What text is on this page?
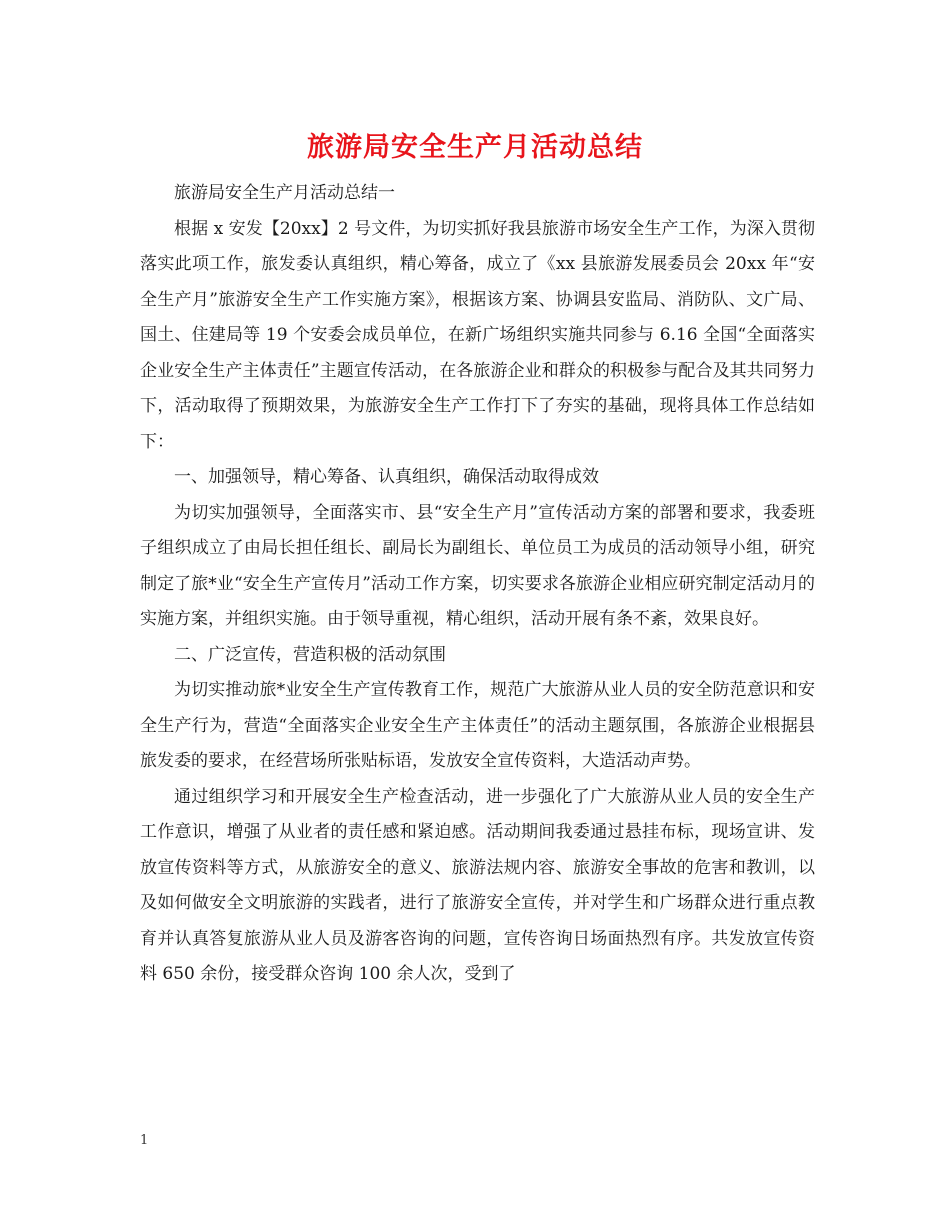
旅游局安全生产月活动总结

旅游局安全生产月活动总结一

根据 x 安发【20xx】2 号文件，为切实抓好我县旅游市场安全生产工作，为深入贯彻落实此项工作，旅发委认真组织，精心筹备，成立了《xx 县旅游发展委员会 20xx 年“安全生产月”旅游安全生产工作实施方案》，根据该方案、协调县安监局、消防队、文广局、国土、住建局等 19 个安委会成员单位，在新广场组织实施共同参与 6.16 全国“全面落实企业安全生产主体责任”主题宣传活动，在各旅游企业和群众的积极参与配合及其共同努力下，活动取得了预期效果，为旅游安全生产工作打下了夯实的基础，现将具体工作总结如下：

一、加强领导，精心筹备、认真组织，确保活动取得成效

为切实加强领导，全面落实市、县“安全生产月”宣传活动方案的部署和要求，我委班子组织成立了由局长担任组长、副局长为副组长、单位员工为成员的活动领导小组，研究制定了旅*业“安全生产宣传月”活动工作方案，切实要求各旅游企业相应研究制定活动月的实施方案，并组织实施。由于领导重视，精心组织，活动开展有条不紊，效果良好。

二、广泛宣传，营造积极的活动氛围

为切实推动旅*业安全生产宣传教育工作，规范广大旅游从业人员的安全防范意识和安全生产行为，营造“全面落实企业安全生产主体责任”的活动主题氛围，各旅游企业根据县旅发委的要求，在经营场所张贴标语，发放安全宣传资料，大造活动声势。

通过组织学习和开展安全生产检查活动，进一步强化了广大旅游从业人员的安全生产工作意识，增强了从业者的责任感和紧迫感。活动期间我委通过悬挂布标，现场宣讲、发放宣传资料等方式，从旅游安全的意义、旅游法规内容、旅游安全事故的危害和教训，以及如何做安全文明旅游的实践者，进行了旅游安全宣传，并对学生和广场群众进行重点教育并认真答复旅游从业人员及游客咨询的问题，宣传咨询日场面热烈有序。共发放宣传资料 650 余份，接受群众咨询 100 余人次，受到了

1
